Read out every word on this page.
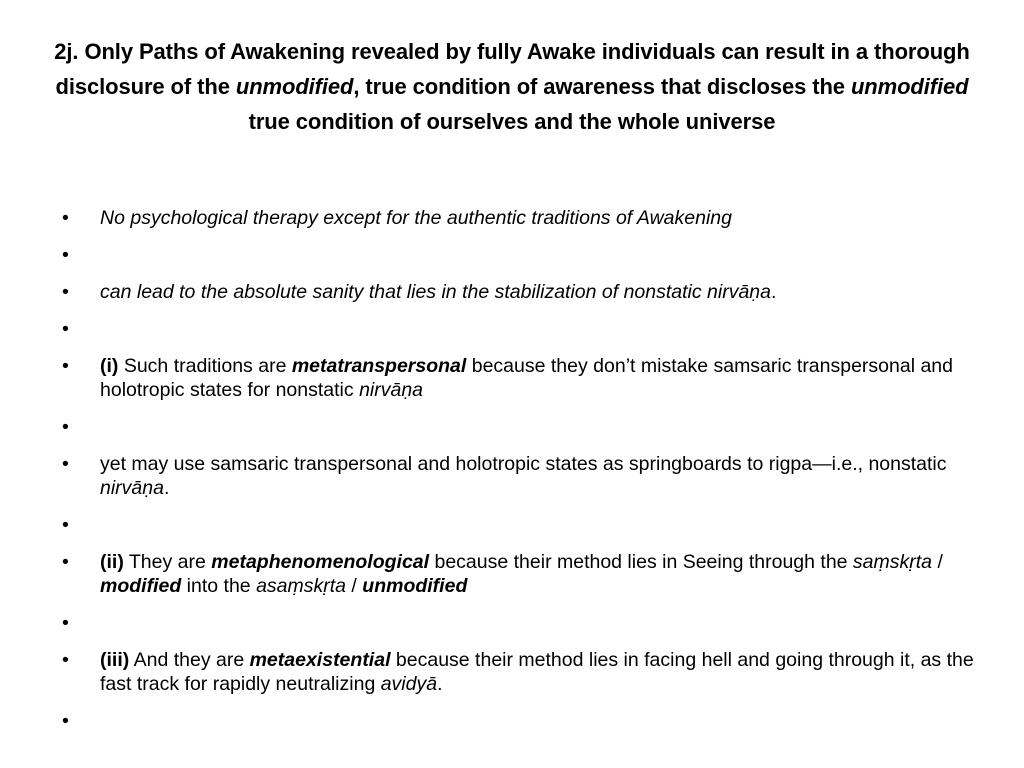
2j. Only Paths of Awakening revealed by fully Awake individuals can result in a thorough disclosure of the unmodified, true condition of awareness that discloses the unmodified true condition of ourselves and the whole universe
• No psychological therapy except for the authentic traditions of Awakening
•
• can lead to the absolute sanity that lies in the stabilization of nonstatic nirvāṇa.
•
• (i) Such traditions are metatranspersonal because they don’t mistake samsaric transpersonal and holotropic states for nonstatic nirvāṇa
•
• yet may use samsaric transpersonal and holotropic states as springboards to rigpa—i.e., nonstatic nirvāṇa.
•
• (ii) They are metaphenomenological because their method lies in Seeing through the saṃskṛta / modified into the asaṃskṛta / unmodified
•
• (iii) And they are metaexistential because their method lies in facing hell and going through it, as the fast track for rapidly neutralizing avidyā.
•
